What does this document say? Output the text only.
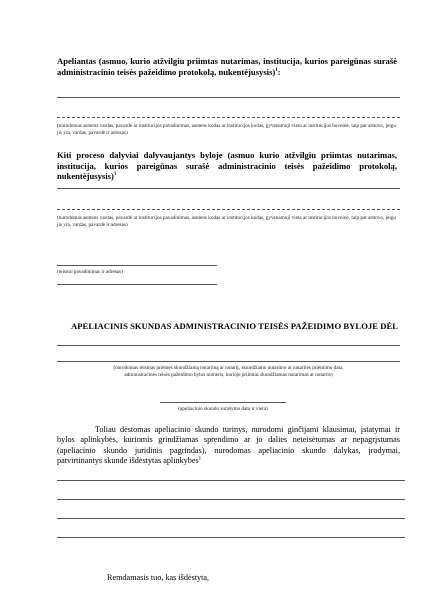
Apeliantas (asmuo, kurio atžvilgiu priimtas nutarimas, institucija, kurios pareigūnas surašė administracinio teisės pažeidimo protokolą, nukentėjusysis)$^1$:
(nurodomas asmens vardas, pavardė ar institucijos pavadinimas, asmens kodas ar institucijos kodas, gyvenamoji vieta ar institucijos buveinė, taip pat atstovo, jeigu jis yra, vardas, pavardė ir adresas)
Kiti proceso dalyviai dalyvaujantys byloje (asmuo kurio atžvilgiu priimtas nutarimas, institucija, kurios pareigūnas surašė administracinio teisės pažeidimo protokolą, nukentėjusysis)$^1$
(nurodomas asmens vardas, pavardė ar institucijos pavadinimas, asmens kodas ar institucijos kodas, gyvenamoji vieta ar institucijos buveinė, taip pat atstovo, jeigu jis yra, vardas, pavardė ir adresas)
(teismo pavadinimas ir adresas)
APELIACINIS SKUNDAS ADMINISTRACINIO TEISĖS PAŽEIDIMO BYLOJE DĖL
(nurodomas teismas priėmęs skundžiamą nutarimą ar nutartį, skundžiamo nutarimo ar nutarties priėmimo data,
administracinės teisės pažeidimo bylos numeris, kurioje priimtas skundžiamas nutarimas ar nutartis)
(apeliacinio skundo surašymo data ir vieta)
Toliau dėstomas apeliacinio skundo turinys, nurodomi ginčijami klausimai, įstatymai ir bylos aplinkybės, kuriomis grindžiamas sprendimo ar jo dalies neteisėtumas ar nepagrįstumas (apeliacinio skundo juridinis pagrindas), nurodomas apeliacinio skundo dalykas, įrodymai, patvirtinantys skunde išdėstytas aplinkybes$^1$
Remdamasis tuo, kas išdėstyta,
